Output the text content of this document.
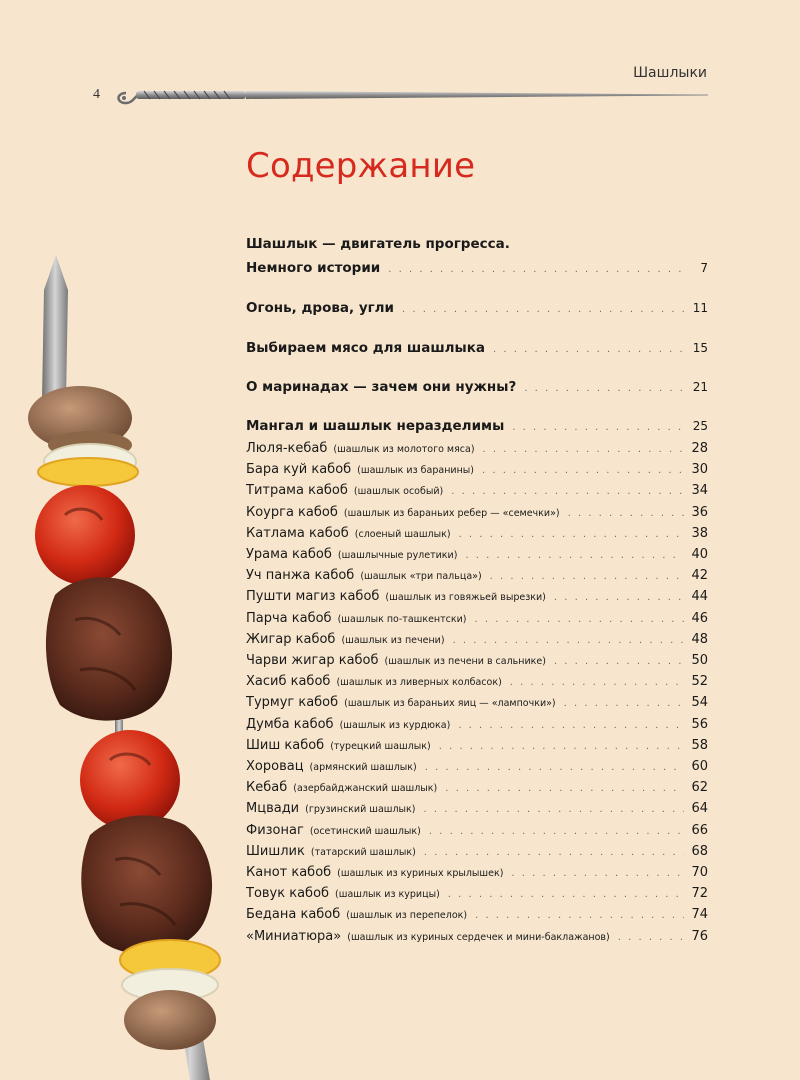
4
Шашлыки
Содержание
Шашлык — двигатель прогресса.
Немного истории . . .	7
Огонь, дрова, угли . . .	11
Выбираем мясо для шашлыка . . .	15
О маринадах — зачем они нужны? . . .	21
Мангал и шашлык неразделимы . . .	25
Люля-кебаб (шашлык из молотого мяса) . . .	28
Бара куй кабоб (шашлык из баранины) . . .	30
Титрама кабоб (шашлык особый) . . .	34
Коурга кабоб (шашлык из бараньих ребер — «семечки») . . .	36
Катлама кабоб (слоеный шашлык) . . .	38
Урама кабоб (шашлычные рулетики) . . .	40
Уч панжа кабоб (шашлык «три пальца») . . .	42
Пушти магиз кабоб (шашлык из говяжьей вырезки) . . .	44
Парча кабоб (шашлык по-ташкентски) . . .	46
Жигар кабоб (шашлык из печени) . . .	48
Чарви жигар кабоб (шашлык из печени в сальнике) . . .	50
Хасиб кабоб (шашлык из ливерных колбасок) . . .	52
Турмуг кабоб (шашлык из бараньих яиц — «лампочки») . . .	54
Думба кабоб (шашлык из курдюка) . . .	56
Шиш кабоб (турецкий шашлык) . . .	58
Хоровац (армянский шашлык) . . .	60
Кебаб (азербайджанский шашлык) . . .	62
Мцвади (грузинский шашлык) . . .	64
Физонаг (осетинский шашлык) . . .	66
Шишлик (татарский шашлык) . . .	68
Канот кабоб (шашлык из куриных крылышек) . . .	70
Товук кабоб (шашлык из курицы) . . .	72
Бедана кабоб (шашлык из перепелок) . . .	74
«Миниатюра» (шашлык из куриных сердечек и мини-баклажанов) . . .	76
